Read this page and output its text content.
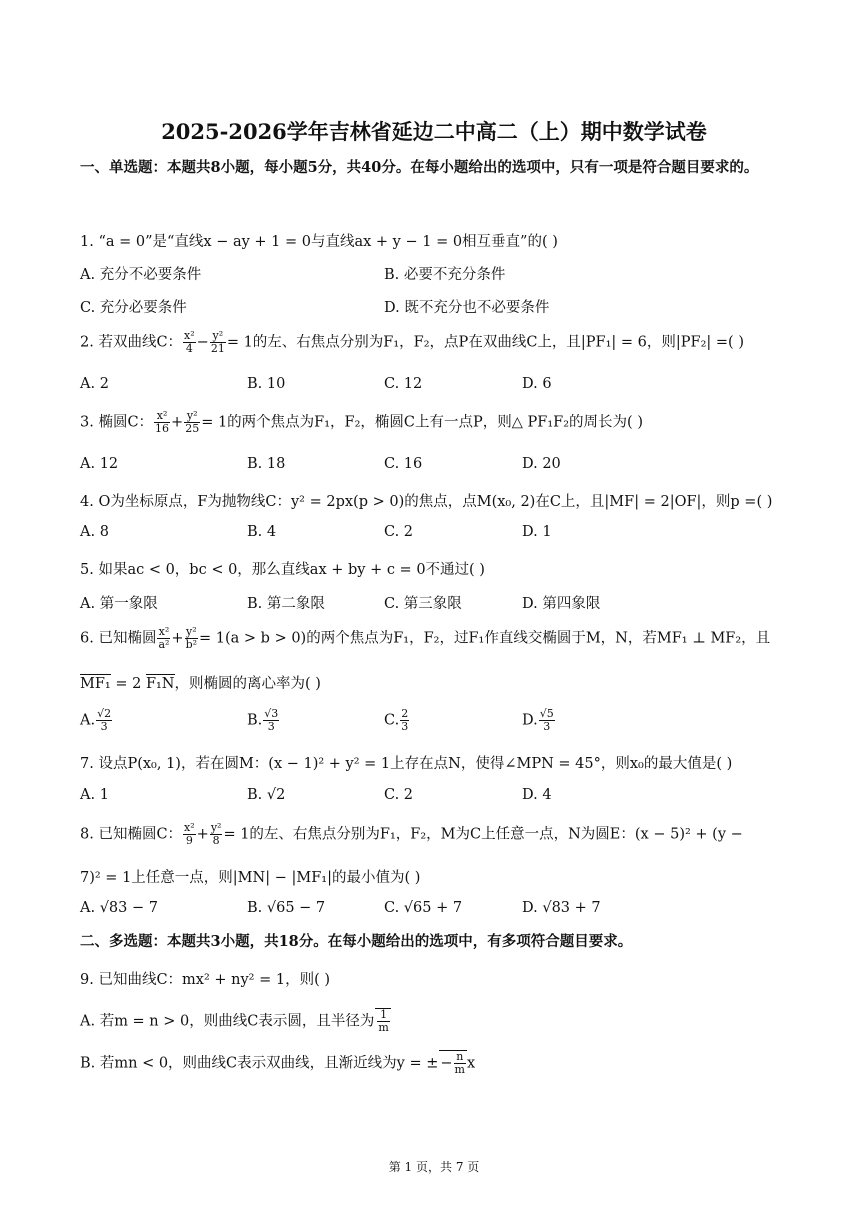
2025-2026学年吉林省延边二中高二（上）期中数学试卷
一、单选题：本题共8小题，每小题5分，共40分。在每小题给出的选项中，只有一项是符合题目要求的。
1. “a = 0”是“直线x − ay + 1 = 0与直线ax + y − 1 = 0相互垂直”的( )
A. 充分不必要条件	B. 必要不充分条件
C. 充分必要条件	D. 既不充分也不必要条件
2. 若双曲线C： $\frac{\text{x²}}{4} - \frac{\text{y²}}{21} = 1$的左、右焦点分别为F₁，F₂，点P在双曲线C上，且|PF₁| = 6，则|PF₂| =( )
A. 2	B. 10	C. 12	D. 6
3. 椭圆C： $\frac{\text{x²}}{16} + \frac{\text{y²}}{25} = 1$的两个焦点为F₁，F₂，椭圆C上有一点P，则△ PF₁F₂的周长为( )
A. 12	B. 18	C. 16	D. 20
4. O为坐标原点，F为抛物线C：y² = 2px(p > 0)的焦点，点M(x₀, 2)在C上，且|MF| = 2|OF|，则p =( )
A. 8	B. 4	C. 2	D. 1
5. 如果ac < 0，bc < 0，那么直线ax + by + c = 0不通过( )
A. 第一象限	B. 第二象限	C. 第三象限	D. 第四象限
6. 已知椭圆 $\frac{\text{x²}}{\text{a²}} + \frac{\text{y²}}{\text{b²}} = 1(a > b > 0)$的两个焦点为F₁，F₂，过F₁作直线交椭圆于M，N，若MF₁ ⊥ MF₂，且
MF₁ = 2 F₁N，则椭圆的离心率为( )
A. $\frac{√2}{3}$	B. $\frac{√3}{3}$	C. $\frac{2}{3}$	D. $\frac{√5}{3}$
7. 设点P(x₀, 1)，若在圆M：(x − 1)² + y² = 1上存在点N，使得∠MPN = 45°，则x₀的最大值是( )
A. 1	B. √2	C. 2	D. 4
8. 已知椭圆C： $\frac{\text{x²}}{9} + \frac{\text{y²}}{8} = 1$的左、右焦点分别为F₁，F₂，M为C上任意一点，N为圆E：(x − 5)² + (y −
7)² = 1上任意一点，则|MN| − |MF₁|的最小值为( )
A. √83 − 7	B. √65 − 7	C. √65 + 7	D. √83 + 7
二、多选题：本题共3小题，共18分。在每小题给出的选项中，有多项符合题目要求。
9. 已知曲线C：mx² + ny² = 1，则( )
A. 若m = n > 0，则曲线C表示圆，且半径为 $\frac{1}{m}$
B. 若mn < 0，则曲线C表示双曲线，且渐近线为y = ± − $\frac{n}{m}$ x
第 1 页，共 7 页
